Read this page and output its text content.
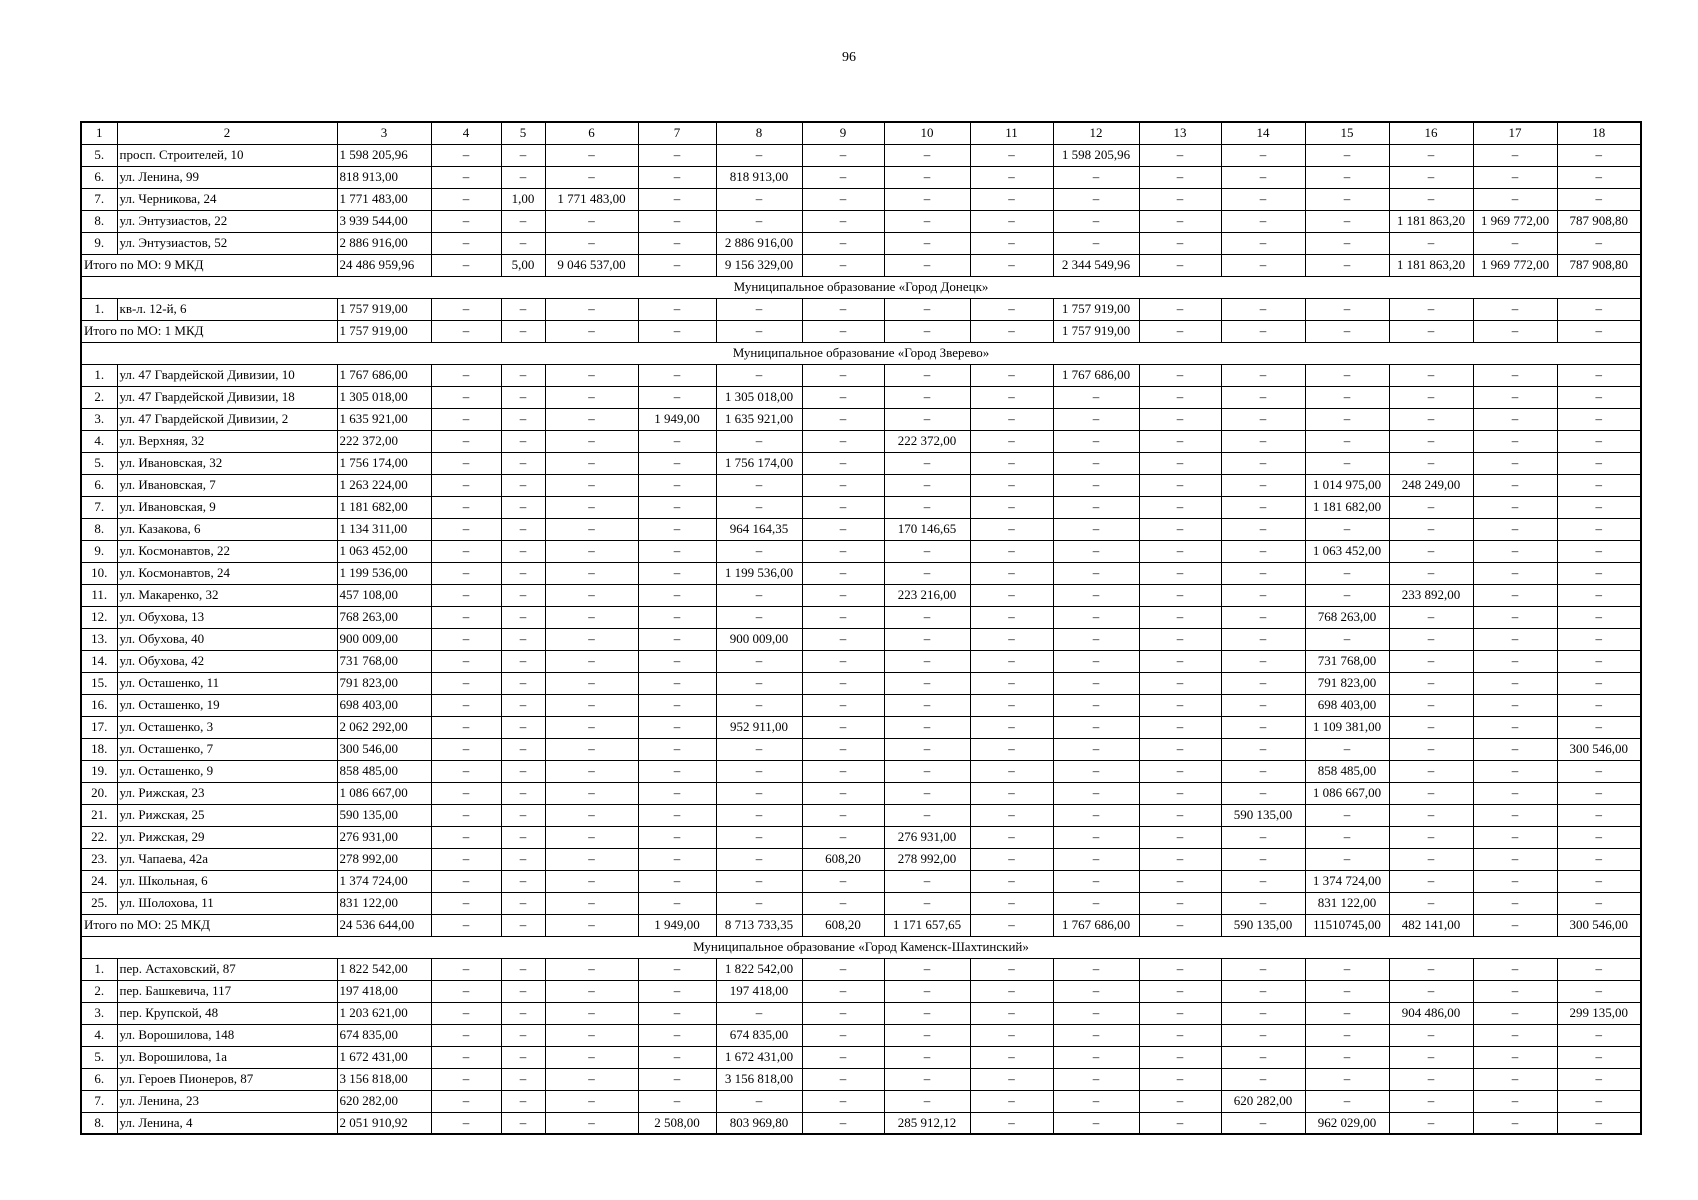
96
1	2	3	4	5	6	7	8	9	10	11	12	13	14	15	16	17	18
5.	просп. Строителей, 10	1 598 205,96	–	–	–	–	–	–	–	–	1 598 205,96	–	–	–	–	–	–
6.	ул. Ленина, 99	818 913,00	–	–	–	–	818 913,00	–	–	–	–	–	–	–	–	–	–
7.	ул. Черникова, 24	1 771 483,00	–	1,00	1 771 483,00	–	–	–	–	–	–	–	–	–	–	–	–
8.	ул. Энтузиастов, 22	3 939 544,00	–	–	–	–	–	–	–	–	–	–	–	–	1 181 863,20	1 969 772,00	787 908,80
9.	ул. Энтузиастов, 52	2 886 916,00	–	–	–	–	2 886 916,00	–	–	–	–	–	–	–	–	–	–
Итого по МО: 9 МКД		24 486 959,96	–	5,00	9 046 537,00	–	9 156 329,00	–	–	–	2 344 549,96	–	–	–	1 181 863,20	1 969 772,00	787 908,80
Муниципальное образование «Город Донецк»																	
1.	кв-л. 12-й, 6	1 757 919,00	–	–	–	–	–	–	–	–	1 757 919,00	–	–	–	–	–	–
Итого по МО: 1 МКД		1 757 919,00	–	–	–	–	–	–	–	–	1 757 919,00	–	–	–	–	–	–
Муниципальное образование «Город Зверево»																	
1.	ул. 47 Гвардейской Дивизии, 10	1 767 686,00	–	–	–	–	–	–	–	–	1 767 686,00	–	–	–	–	–	–
2.	ул. 47 Гвардейской Дивизии, 18	1 305 018,00	–	–	–	–	1 305 018,00	–	–	–	–	–	–	–	–	–	–
3.	ул. 47 Гвардейской Дивизии, 2	1 635 921,00	–	–	–	1 949,00	1 635 921,00	–	–	–	–	–	–	–	–	–	–
4.	ул. Верхняя, 32	222 372,00	–	–	–	–	–	–	222 372,00	–	–	–	–	–	–	–	–
5.	ул. Ивановская, 32	1 756 174,00	–	–	–	–	1 756 174,00	–	–	–	–	–	–	–	–	–	–
6.	ул. Ивановская, 7	1 263 224,00	–	–	–	–	–	–	–	–	–	–	–	1 014 975,00	248 249,00	–	–
7.	ул. Ивановская, 9	1 181 682,00	–	–	–	–	–	–	–	–	–	–	–	1 181 682,00	–	–	–
8.	ул. Казакова, 6	1 134 311,00	–	–	–	–	964 164,35	–	170 146,65	–	–	–	–	–	–	–	–
9.	ул. Космонавтов, 22	1 063 452,00	–	–	–	–	–	–	–	–	–	–	–	1 063 452,00	–	–	–
10.	ул. Космонавтов, 24	1 199 536,00	–	–	–	–	1 199 536,00	–	–	–	–	–	–	–	–	–	–
11.	ул. Макаренко, 32	457 108,00	–	–	–	–	–	–	223 216,00	–	–	–	–	–	233 892,00	–	–
12.	ул. Обухова, 13	768 263,00	–	–	–	–	–	–	–	–	–	–	–	768 263,00	–	–	–
13.	ул. Обухова, 40	900 009,00	–	–	–	–	900 009,00	–	–	–	–	–	–	–	–	–	–
14.	ул. Обухова, 42	731 768,00	–	–	–	–	–	–	–	–	–	–	–	731 768,00	–	–	–
15.	ул. Осташенко, 11	791 823,00	–	–	–	–	–	–	–	–	–	–	–	791 823,00	–	–	–
16.	ул. Осташенко, 19	698 403,00	–	–	–	–	–	–	–	–	–	–	–	698 403,00	–	–	–
17.	ул. Осташенко, 3	2 062 292,00	–	–	–	–	952 911,00	–	–	–	–	–	–	1 109 381,00	–	–	–
18.	ул. Осташенко, 7	300 546,00	–	–	–	–	–	–	–	–	–	–	–	–	–	–	300 546,00
19.	ул. Осташенко, 9	858 485,00	–	–	–	–	–	–	–	–	–	–	–	858 485,00	–	–	–
20.	ул. Рижская, 23	1 086 667,00	–	–	–	–	–	–	–	–	–	–	–	1 086 667,00	–	–	–
21.	ул. Рижская, 25	590 135,00	–	–	–	–	–	–	–	–	–	–	590 135,00	–	–	–	–
22.	ул. Рижская, 29	276 931,00	–	–	–	–	–	–	276 931,00	–	–	–	–	–	–	–	–
23.	ул. Чапаева, 42а	278 992,00	–	–	–	–	–	608,20	278 992,00	–	–	–	–	–	–	–	–
24.	ул. Школьная, 6	1 374 724,00	–	–	–	–	–	–	–	–	–	–	–	1 374 724,00	–	–	–
25.	ул. Шолохова, 11	831 122,00	–	–	–	–	–	–	–	–	–	–	–	831 122,00	–	–	–
Итого по МО: 25 МКД		24 536 644,00	–	–	–	1 949,00	8 713 733,35	608,20	1 171 657,65	–	1 767 686,00	–	590 135,00	11510745,00	482 141,00	–	300 546,00
Муниципальное образование «Город Каменск-Шахтинский»																	
1.	пер. Астаховский, 87	1 822 542,00	–	–	–	–	1 822 542,00	–	–	–	–	–	–	–	–	–	–
2.	пер. Башкевича, 117	197 418,00	–	–	–	–	197 418,00	–	–	–	–	–	–	–	–	–	–
3.	пер. Крупской, 48	1 203 621,00	–	–	–	–	–	–	–	–	–	–	–	–	904 486,00	–	299 135,00
4.	ул. Ворошилова, 148	674 835,00	–	–	–	–	674 835,00	–	–	–	–	–	–	–	–	–	–
5.	ул. Ворошилова, 1а	1 672 431,00	–	–	–	–	1 672 431,00	–	–	–	–	–	–	–	–	–	–
6.	ул. Героев Пионеров, 87	3 156 818,00	–	–	–	–	3 156 818,00	–	–	–	–	–	–	–	–	–	–
7.	ул. Ленина, 23	620 282,00	–	–	–	–	–	–	–	–	–	–	620 282,00	–	–	–	–
8.	ул. Ленина, 4	2 051 910,92	–	–	–	2 508,00	803 969,80	–	285 912,12	–	–	–	–	962 029,00	–	–	–
